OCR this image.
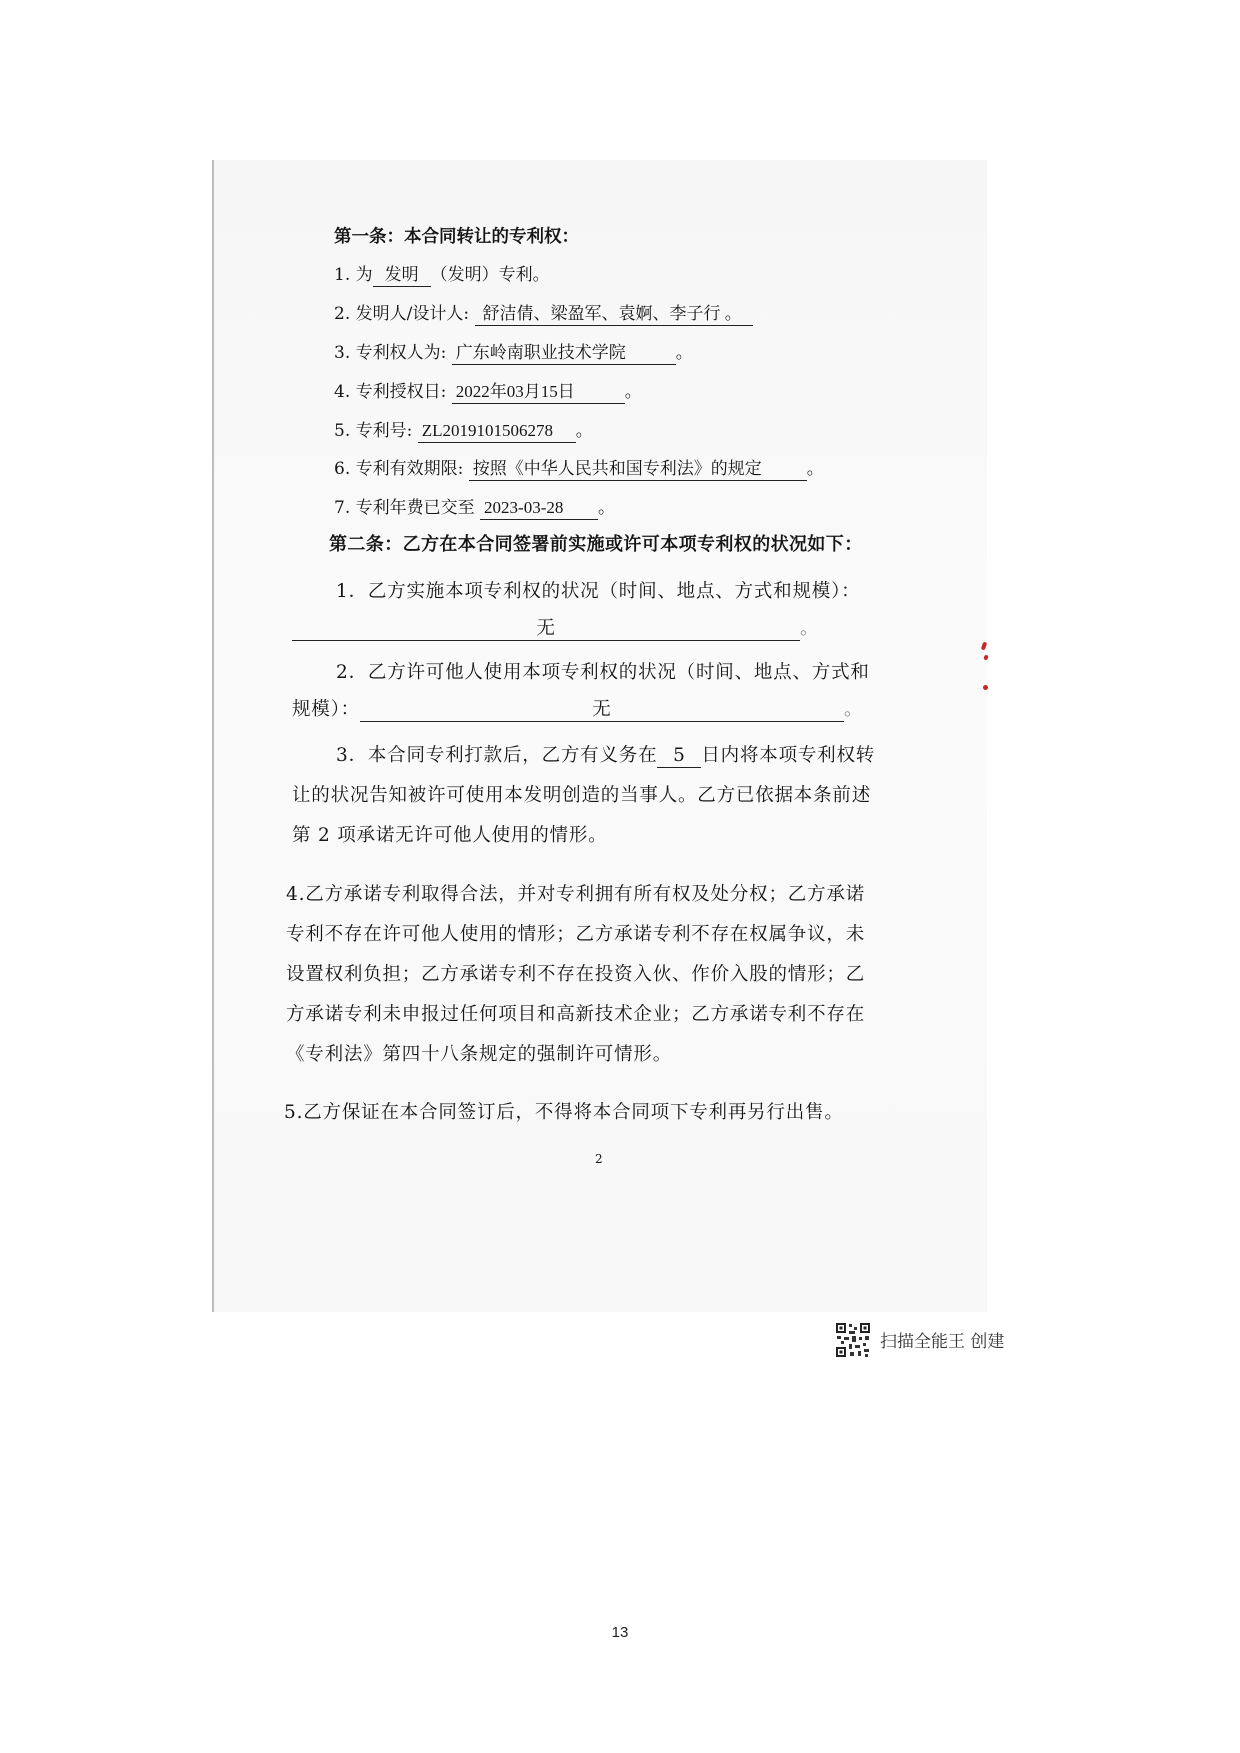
第一条：本合同转让的专利权：
1. 为 发明 （发明）专利。
2. 发明人/设计人: 舒洁倩、梁盈军、袁婀、李子行 。
3. 专利权人为: 广东岭南职业技术学院	。
4. 专利授权日: 2022年03月15日	。
5. 专利号: ZL2019101506278 。
6. 专利有效期限: 按照《中华人民共和国专利法》的规定	。
7. 专利年费已交至 2023-03-28 。
第二条：乙方在本合同签署前实施或许可本项专利权的状况如下：
1．乙方实施本项专利权的状况（时间、地点、方式和规模）：
无	。
2．乙方许可他人使用本项专利权的状况（时间、地点、方式和
规模）：	无	。
3．本合同专利打款后，乙方有义务在 5 日内将本项专利权转
让的状况告知被许可使用本发明创造的当事人。乙方已依据本条前述
第 2 项承诺无许可他人使用的情形。
4.乙方承诺专利取得合法，并对专利拥有所有权及处分权；乙方承诺
专利不存在许可他人使用的情形；乙方承诺专利不存在权属争议，未
设置权利负担；乙方承诺专利不存在投资入伙、作价入股的情形；乙
方承诺专利未申报过任何项目和高新技术企业；乙方承诺专利不存在
《专利法》第四十八条规定的强制许可情形。
5.乙方保证在本合同签订后，不得将本合同项下专利再另行出售。
2
扫描全能王 创建
13
